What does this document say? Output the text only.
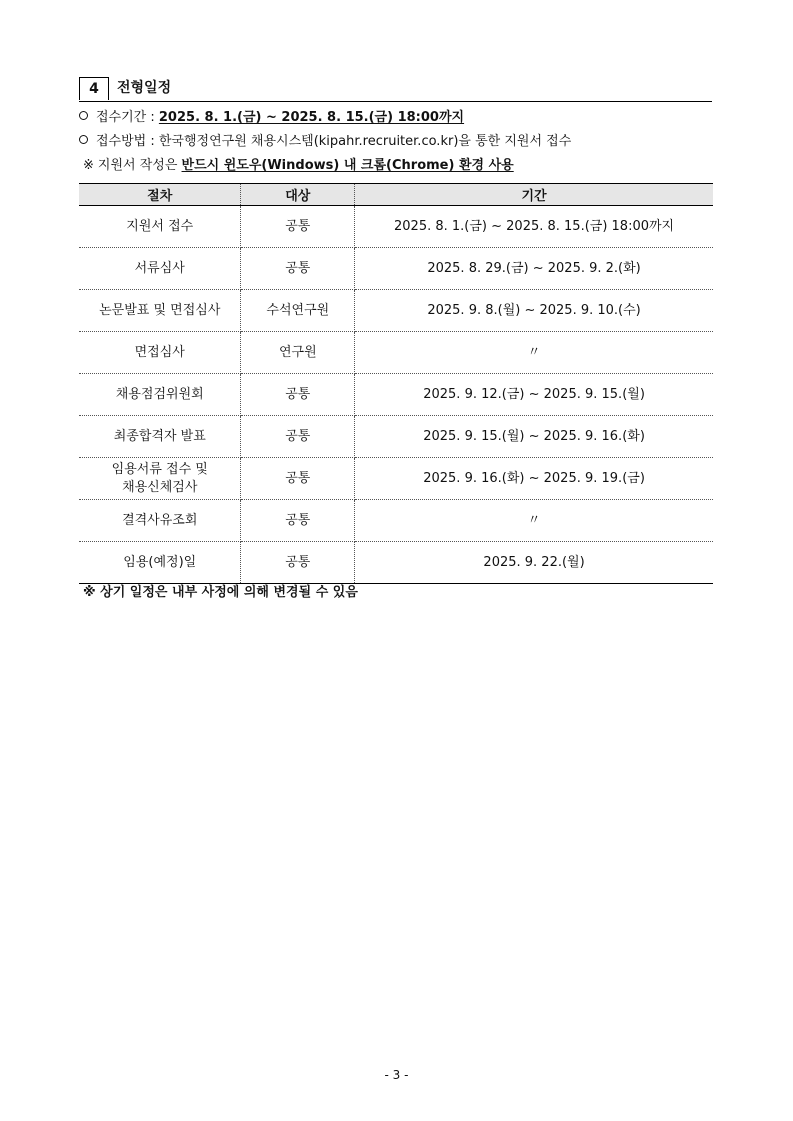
4	전형일정
접수기간 : 2025. 8. 1.(금) ~ 2025. 8. 15.(금) 18:00까지
접수방법 : 한국행정연구원 채용시스템(kipahr.recruiter.co.kr)을 통한 지원서 접수
※ 지원서 작성은 반드시 윈도우(Windows) 내 크롬(Chrome) 환경 사용
절차	대상	기간
지원서 접수	공통	2025. 8. 1.(금) ~ 2025. 8. 15.(금) 18:00까지
서류심사	공통	2025. 8. 29.(금) ~ 2025. 9. 2.(화)
논문발표 및 면접심사	수석연구원	2025. 9. 8.(월) ~ 2025. 9. 10.(수)
면접심사	연구원	〃
채용점검위원회	공통	2025. 9. 12.(금) ~ 2025. 9. 15.(월)
최종합격자 발표	공통	2025. 9. 15.(월) ~ 2025. 9. 16.(화)
임용서류 접수 및
채용신체검사	공통	2025. 9. 16.(화) ~ 2025. 9. 19.(금)
결격사유조회	공통	〃
임용(예정)일	공통	2025. 9. 22.(월)
※ 상기 일정은 내부 사정에 의해 변경될 수 있음
- 3 -
